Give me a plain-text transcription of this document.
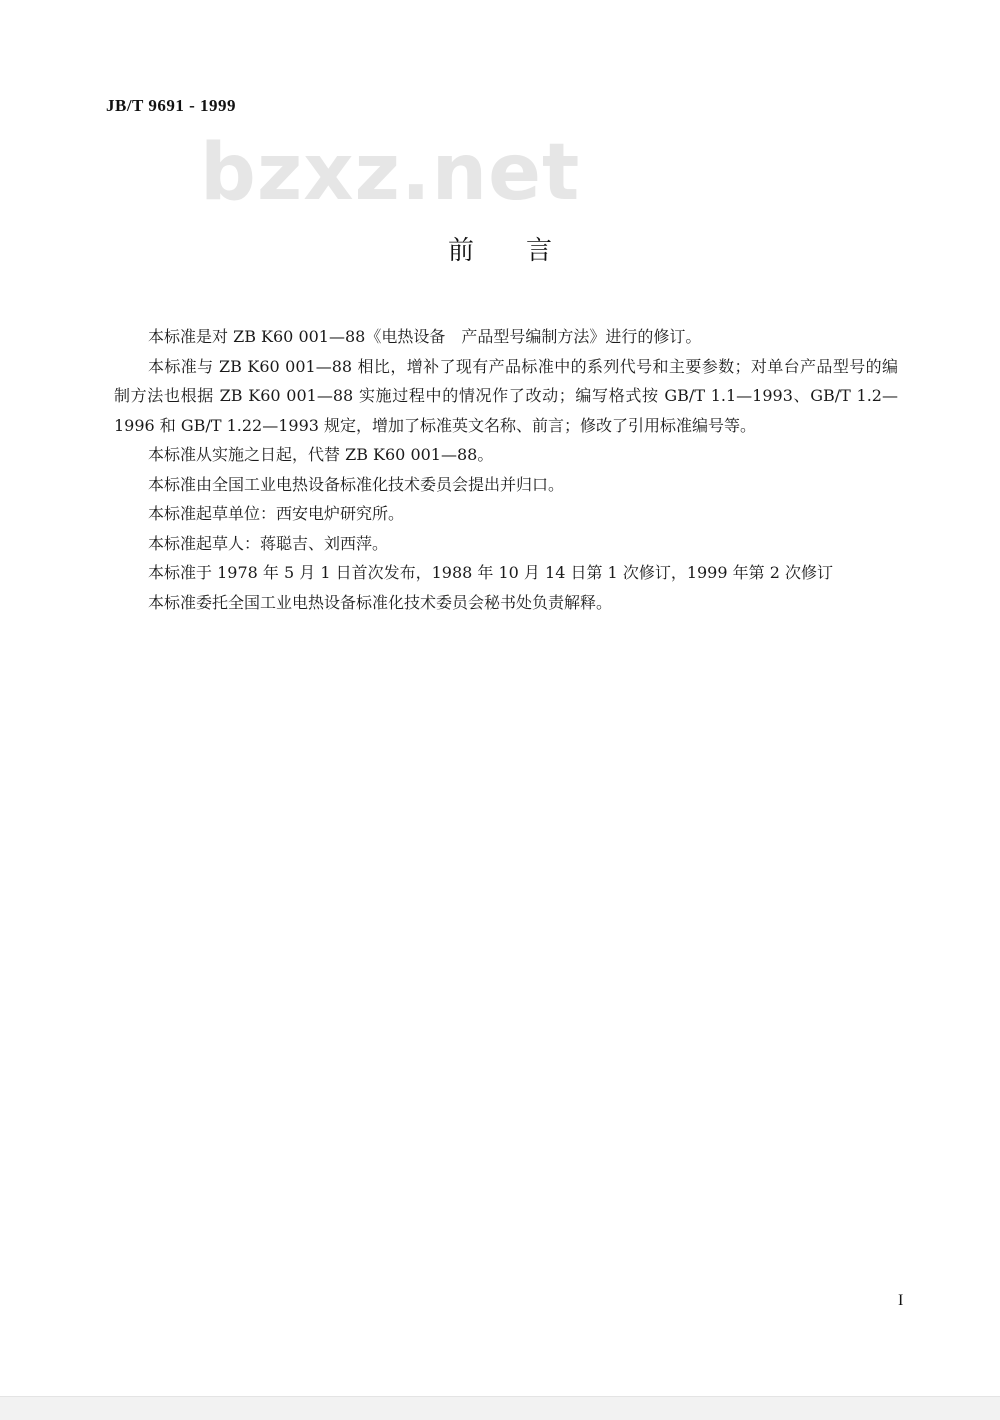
JB/T 9691 - 1999
bzxz.net
前言

本标准是对 ZB K60 001—88《电热设备　产品型号编制方法》进行的修订。

本标准与 ZB K60 001—88 相比，增补了现有产品标准中的系列代号和主要参数；对单台产品型号的编制方法也根据 ZB K60 001—88 实施过程中的情况作了改动；编写格式按 GB/T 1.1—1993、GB/T 1.2—1996 和 GB/T 1.22—1993 规定，增加了标准英文名称、前言；修改了引用标准编号等。

本标准从实施之日起，代替 ZB K60 001—88。

本标准由全国工业电热设备标准化技术委员会提出并归口。

本标准起草单位：西安电炉研究所。

本标准起草人：蒋聪吉、刘西萍。

本标准于 1978 年 5 月 1 日首次发布，1988 年 10 月 14 日第 1 次修订，1999 年第 2 次修订

本标准委托全国工业电热设备标准化技术委员会秘书处负责解释。

I
